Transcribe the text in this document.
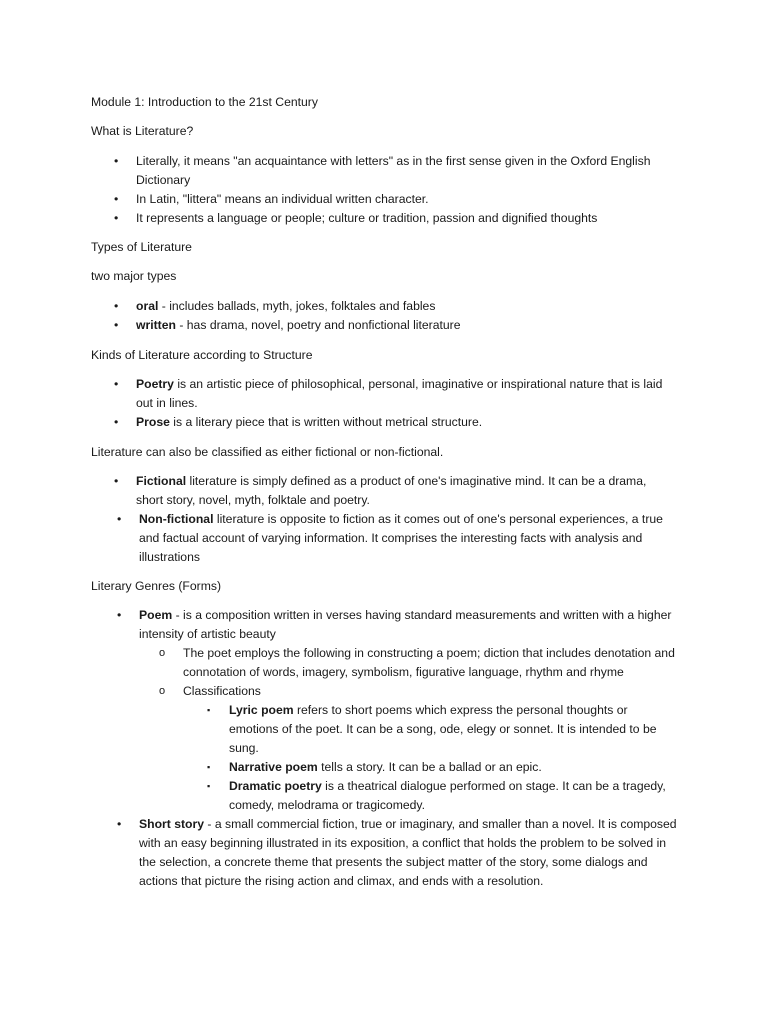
Module 1: Introduction to the 21st Century
What is Literature?
• Literally, it means "an acquaintance with letters" as in the first sense given in the Oxford English Dictionary
• In Latin, "littera" means an individual written character.
• It represents a language or people; culture or tradition, passion and dignified thoughts
Types of Literature
two major types
• oral - includes ballads, myth, jokes, folktales and fables
• written - has drama, novel, poetry and nonfictional literature
Kinds of Literature according to Structure
• Poetry is an artistic piece of philosophical, personal, imaginative or inspirational nature that is laid out in lines.
• Prose is a literary piece that is written without metrical structure.
Literature can also be classified as either fictional or non-fictional.
• Fictional literature is simply defined as a product of one's imaginative mind. It can be a drama, short story, novel, myth, folktale and poetry.
• Non-fictional literature is opposite to fiction as it comes out of one's personal experiences, a true and factual account of varying information. It comprises the interesting facts with analysis and illustrations
Literary Genres (Forms)
• Poem - is a composition written in verses having standard measurements and written with a higher intensity of artistic beauty
o The poet employs the following in constructing a poem; diction that includes denotation and connotation of words, imagery, symbolism, figurative language, rhythm and rhyme
o Classifications
▪ Lyric poem refers to short poems which express the personal thoughts or emotions of the poet. It can be a song, ode, elegy or sonnet. It is intended to be sung.
▪ Narrative poem tells a story. It can be a ballad or an epic.
▪ Dramatic poetry is a theatrical dialogue performed on stage. It can be a tragedy, comedy, melodrama or tragicomedy.
• Short story - a small commercial fiction, true or imaginary, and smaller than a novel. It is composed with an easy beginning illustrated in its exposition, a conflict that holds the problem to be solved in the selection, a concrete theme that presents the subject matter of the story, some dialogs and actions that picture the rising action and climax, and ends with a resolution.
